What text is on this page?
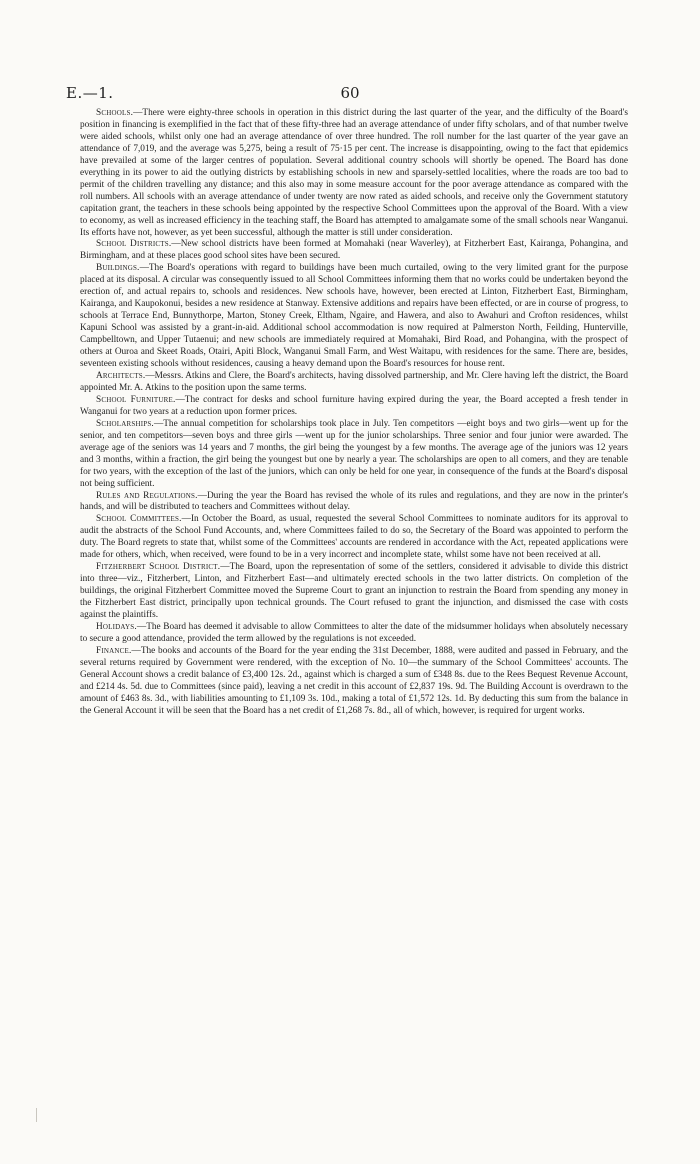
E.—1.	60

Schools.—There were eighty-three schools in operation in this district during the last quarter of the year, and the difficulty of the Board's position in financing is exemplified in the fact that of these fifty-three had an average attendance of under fifty scholars, and of that number twelve were aided schools, whilst only one had an average attendance of over three hundred. The roll number for the last quarter of the year gave an attendance of 7,019, and the average was 5,275, being a result of 75·15 per cent. The increase is disappointing, owing to the fact that epidemics have prevailed at some of the larger centres of population. Several additional country schools will shortly be opened. The Board has done everything in its power to aid the outlying districts by establishing schools in new and sparsely-settled localities, where the roads are too bad to permit of the children travelling any distance; and this also may in some measure account for the poor average attendance as compared with the roll numbers. All schools with an average attendance of under twenty are now rated as aided schools, and receive only the Government statutory capitation grant, the teachers in these schools being appointed by the respective School Committees upon the approval of the Board. With a view to economy, as well as increased efficiency in the teaching staff, the Board has attempted to amalgamate some of the small schools near Wanganui. Its efforts have not, however, as yet been successful, although the matter is still under consideration.

School Districts.—New school districts have been formed at Momahaki (near Waverley), at Fitzherbert East, Kairanga, Pohangina, and Birmingham, and at these places good school sites have been secured.

Buildings.—The Board's operations with regard to buildings have been much curtailed, owing to the very limited grant for the purpose placed at its disposal. A circular was consequently issued to all School Committees informing them that no works could be undertaken beyond the erection of, and actual repairs to, schools and residences. New schools have, however, been erected at Linton, Fitzherbert East, Birmingham, Kairanga, and Kaupokonui, besides a new residence at Stanway. Extensive additions and repairs have been effected, or are in course of progress, to schools at Terrace End, Bunnythorpe, Marton, Stoney Creek, Eltham, Ngaire, and Hawera, and also to Awahuri and Crofton residences, whilst Kapuni School was assisted by a grant-in-aid. Additional school accommodation is now required at Palmerston North, Feilding, Hunterville, Campbelltown, and Upper Tutaenui; and new schools are immediately required at Momahaki, Bird Road, and Pohangina, with the prospect of others at Ouroa and Skeet Roads, Otairi, Apiti Block, Wanganui Small Farm, and West Waitapu, with residences for the same. There are, besides, seventeen existing schools without residences, causing a heavy demand upon the Board's resources for house rent.

Architects.—Messrs. Atkins and Clere, the Board's architects, having dissolved partnership, and Mr. Clere having left the district, the Board appointed Mr. A. Atkins to the position upon the same terms.

School Furniture.—The contract for desks and school furniture having expired during the year, the Board accepted a fresh tender in Wanganui for two years at a reduction upon former prices.

Scholarships.—The annual competition for scholarships took place in July. Ten competitors —eight boys and two girls—went up for the senior, and ten competitors—seven boys and three girls —went up for the junior scholarships. Three senior and four junior were awarded. The average age of the seniors was 14 years and 7 months, the girl being the youngest by a few months. The average age of the juniors was 12 years and 3 months, within a fraction, the girl being the youngest but one by nearly a year. The scholarships are open to all comers, and they are tenable for two years, with the exception of the last of the juniors, which can only be held for one year, in consequence of the funds at the Board's disposal not being sufficient.

Rules and Regulations.—During the year the Board has revised the whole of its rules and regulations, and they are now in the printer's hands, and will be distributed to teachers and Committees without delay.

School Committees.—In October the Board, as usual, requested the several School Committees to nominate auditors for its approval to audit the abstracts of the School Fund Accounts, and, where Committees failed to do so, the Secretary of the Board was appointed to perform the duty. The Board regrets to state that, whilst some of the Committees' accounts are rendered in accordance with the Act, repeated applications were made for others, which, when received, were found to be in a very incorrect and incomplete state, whilst some have not been received at all.

Fitzherbert School District.—The Board, upon the representation of some of the settlers, considered it advisable to divide this district into three—viz., Fitzherbert, Linton, and Fitzherbert East—and ultimately erected schools in the two latter districts. On completion of the buildings, the original Fitzherbert Committee moved the Supreme Court to grant an injunction to restrain the Board from spending any money in the Fitzherbert East district, principally upon technical grounds. The Court refused to grant the injunction, and dismissed the case with costs against the plaintiffs.

Holidays.—The Board has deemed it advisable to allow Committees to alter the date of the midsummer holidays when absolutely necessary to secure a good attendance, provided the term allowed by the regulations is not exceeded.

Finance.—The books and accounts of the Board for the year ending the 31st December, 1888, were audited and passed in February, and the several returns required by Government were rendered, with the exception of No. 10—the summary of the School Committees' accounts. The General Account shows a credit balance of £3,400 12s. 2d., against which is charged a sum of £348 8s. due to the Rees Bequest Revenue Account, and £214 4s. 5d. due to Committees (since paid), leaving a net credit in this account of £2,837 19s. 9d. The Building Account is overdrawn to the amount of £463 8s. 3d., with liabilities amounting to £1,109 3s. 10d., making a total of £1,572 12s. 1d. By deducting this sum from the balance in the General Account it will be seen that the Board has a net credit of £1,268 7s. 8d., all of which, however, is required for urgent works.
